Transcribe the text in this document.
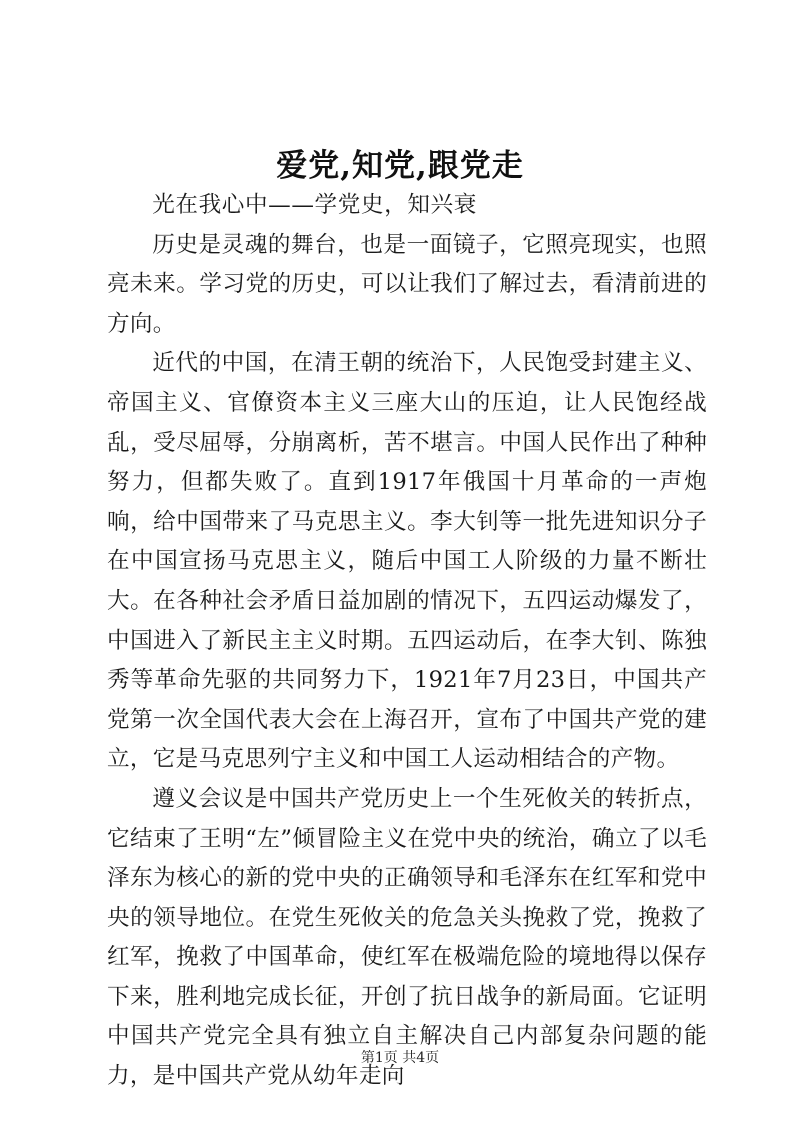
爱党,知党,跟党走

光在我心中——学党史，知兴衰

历史是灵魂的舞台，也是一面镜子，它照亮现实，也照亮未来。学习党的历史，可以让我们了解过去，看清前进的方向。

近代的中国，在清王朝的统治下，人民饱受封建主义、帝国主义、官僚资本主义三座大山的压迫，让人民饱经战乱，受尽屈辱，分崩离析，苦不堪言。中国人民作出了种种努力，但都失败了。直到1917年俄国十月革命的一声炮响，给中国带来了马克思主义。李大钊等一批先进知识分子在中国宣扬马克思主义，随后中国工人阶级的力量不断壮大。在各种社会矛盾日益加剧的情况下，五四运动爆发了，中国进入了新民主主义时期。五四运动后，在李大钊、陈独秀等革命先驱的共同努力下，1921年7月23日，中国共产党第一次全国代表大会在上海召开，宣布了中国共产党的建立，它是马克思列宁主义和中国工人运动相结合的产物。

遵义会议是中国共产党历史上一个生死攸关的转折点，它结束了王明“左”倾冒险主义在党中央的统治，确立了以毛泽东为核心的新的党中央的正确领导和毛泽东在红军和党中央的领导地位。在党生死攸关的危急关头挽救了党，挽救了红军，挽救了中国革命，使红军在极端危险的境地得以保存下来，胜利地完成长征，开创了抗日战争的新局面。它证明中国共产党完全具有独立自主解决自己内部复杂问题的能力，是中国共产党从幼年走向

第1页 共4页
